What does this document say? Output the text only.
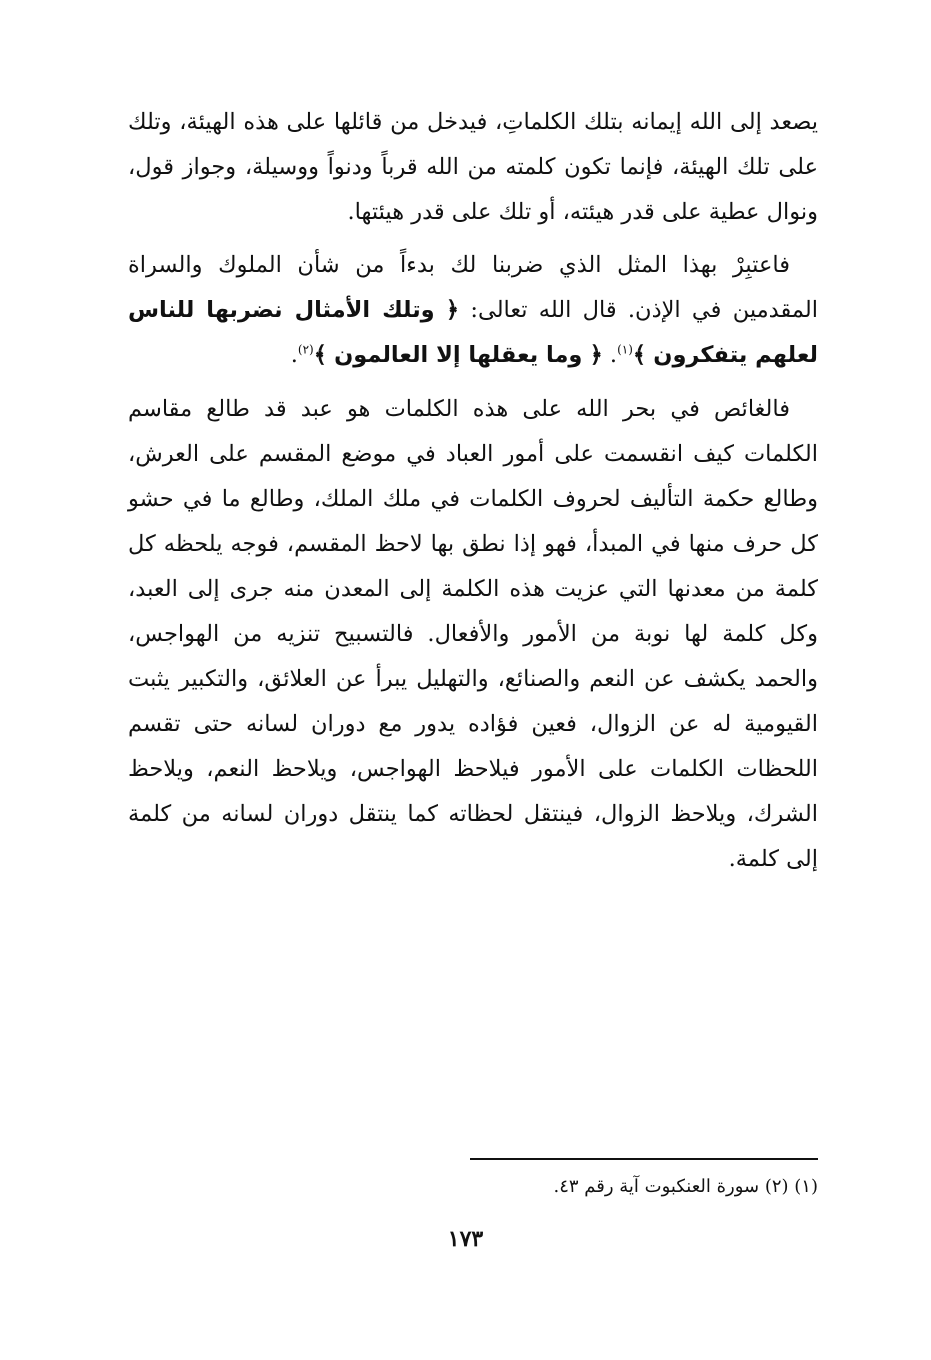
يصعد إلى الله إيمانه بتلك الكلماتِ، فيدخل من قائلها على هذه الهيئة، وتلك على تلك الهيئة، فإنما تكون كلمته من الله قرباً ودنواً ووسيلة، وجواز قول، ونوال عطية على قدر هيئته، أو تلك على قدر هيئتها.

فاعتبِرْ بهذا المثل الذي ضربنا لك بدءاً من شأن الملوك والسراة المقدمين في الإذن. قال الله تعالى: ﴿ وتلك الأمثال نضربها للناس لعلهم يتفكرون ﴾$^{(١)}$. ﴿ وما يعقلها إلا العالمون ﴾$^{(٢)}$.

فالغائص في بحر الله على هذه الكلمات هو عبد قد طالع مقاسم الكلمات كيف انقسمت على أمور العباد في موضع المقسم على العرش، وطالع حكمة التأليف لحروف الكلمات في ملك الملك، وطالع ما في حشو كل حرف منها في المبدأ، فهو إذا نطق بها لاحظ المقسم، فوجه يلحظه كل كلمة من معدنها التي عزيت هذه الكلمة إلى المعدن منه جرى إلى العبد، وكل كلمة لها نوبة من الأمور والأفعال. فالتسبيح تنزيه من الهواجس، والحمد يكشف عن النعم والصنائع، والتهليل يبرأ عن العلائق، والتكبير يثبت القيومية له عن الزوال، فعين فؤاده يدور مع دوران لسانه حتى تقسم اللحظات الكلمات على الأمور فيلاحظ الهواجس، ويلاحظ النعم، ويلاحظ الشرك، ويلاحظ الزوال، فينتقل لحظاته كما ينتقل دوران لسانه من كلمة إلى كلمة.

(١) (٢) سورة العنكبوت آية رقم ٤٣.

١٧٣
